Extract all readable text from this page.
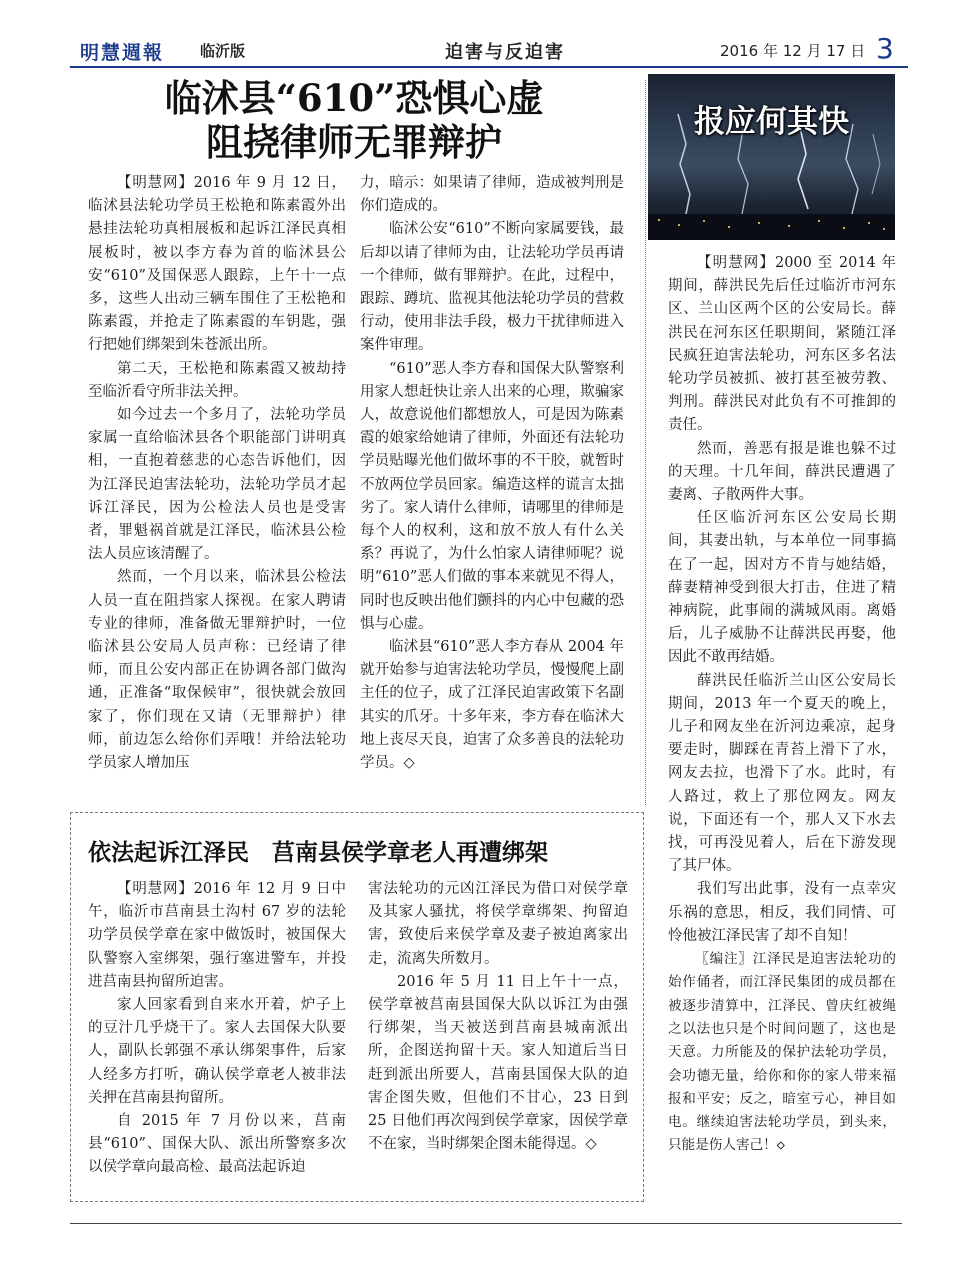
明慧週報 临沂版	迫害与反迫害	2016 年 12 月 17 日 3
临沭县“610”恐惧心虚
阻挠律师无罪辩护

【明慧网】2016 年 9 月 12 日，临沭县法轮功学员王松艳和陈素霞外出悬挂法轮功真相展板和起诉江泽民真相展板时，被以李方春为首的临沭县公安“610”及国保恶人跟踪，上午十一点多，这些人出动三辆车围住了王松艳和陈素霞，并抢走了陈素霞的车钥匙，强行把她们绑架到朱苍派出所。

第二天，王松艳和陈素霞又被劫持至临沂看守所非法关押。

如今过去一个多月了，法轮功学员家属一直给临沭县各个职能部门讲明真相，一直抱着慈悲的心态告诉他们，因为江泽民迫害法轮功，法轮功学员才起诉江泽民，因为公检法人员也是受害者，罪魁祸首就是江泽民，临沭县公检法人员应该清醒了。

然而，一个月以来，临沭县公检法人员一直在阻挡家人探视。在家人聘请专业的律师，准备做无罪辩护时，一位临沭县公安局人员声称：已经请了律师，而且公安内部正在协调各部门做沟通，正准备“取保候审”，很快就会放回家了，你们现在又请（无罪辩护）律师，前边怎么给你们弄哦！并给法轮功学员家人增加压

力，暗示：如果请了律师，造成被判刑是你们造成的。

临沭公安“610”不断向家属要钱，最后却以请了律师为由，让法轮功学员再请一个律师，做有罪辩护。在此，过程中，跟踪、蹲坑、监视其他法轮功学员的营救行动，使用非法手段，极力干扰律师进入案件审理。

“610”恶人李方春和国保大队警察利用家人想赶快让亲人出来的心理，欺骗家人，故意说他们都想放人，可是因为陈素霞的娘家给她请了律师，外面还有法轮功学员贴曝光他们做坏事的不干胶，就暂时不放两位学员回家。编造这样的谎言太拙劣了。家人请什么律师，请哪里的律师是每个人的权利，这和放不放人有什么关系？再说了，为什么怕家人请律师呢？说明“610”恶人们做的事本来就见不得人，同时也反映出他们颤抖的内心中包藏的恐惧与心虚。

临沭县“610”恶人李方春从 2004 年就开始参与迫害法轮功学员，慢慢爬上副主任的位子，成了江泽民迫害政策下名副其实的爪牙。十多年来，李方春在临沭大地上丧尽天良，迫害了众多善良的法轮功学员。◇

依法起诉江泽民　莒南县侯学章老人再遭绑架

【明慧网】2016 年 12 月 9 日中午，临沂市莒南县土沟村 67 岁的法轮功学员侯学章在家中做饭时，被国保大队警察入室绑架，强行塞进警车，并投进莒南县拘留所迫害。

家人回家看到自来水开着，炉子上的豆汁几乎烧干了。家人去国保大队要人，副队长郭强不承认绑架事件，后家人经多方打听，确认侯学章老人被非法关押在莒南县拘留所。

自 2015 年 7 月份以来，莒南县“610”、国保大队、派出所警察多次以侯学章向最高检、最高法起诉迫

害法轮功的元凶江泽民为借口对侯学章及其家人骚扰，将侯学章绑架、拘留迫害，致使后来侯学章及妻子被迫离家出走，流离失所数月。

2016 年 5 月 11 日上午十一点，侯学章被莒南县国保大队以诉江为由强行绑架，当天被送到莒南县城南派出所，企图送拘留十天。家人知道后当日赶到派出所要人，莒南县国保大队的迫害企图失败，但他们不甘心，23 日到 25 日他们再次闯到侯学章家，因侯学章不在家，当时绑架企图未能得逞。◇

报应何其快

【明慧网】2000 至 2014 年期间，薛洪民先后任过临沂市河东区、兰山区两个区的公安局长。薛洪民在河东区任职期间，紧随江泽民疯狂迫害法轮功，河东区多名法轮功学员被抓、被打甚至被劳教、判刑。薛洪民对此负有不可推卸的责任。

然而，善恶有报是谁也躲不过的天理。十几年间，薛洪民遭遇了妻离、子散两件大事。

任区临沂河东区公安局长期间，其妻出轨，与本单位一同事搞在了一起，因对方不肯与她结婚，薛妻精神受到很大打击，住进了精神病院，此事闹的满城风雨。离婚后，儿子威胁不让薛洪民再娶，他因此不敢再结婚。

薛洪民任临沂兰山区公安局长期间，2013 年一个夏天的晚上，儿子和网友坐在沂河边乘凉，起身要走时，脚踩在青苔上滑下了水，网友去拉，也滑下了水。此时，有人路过，救上了那位网友。网友说，下面还有一个，那人又下水去找，可再没见着人，后在下游发现了其尸体。

我们写出此事，没有一点幸灾乐祸的意思，相反，我们同情、可怜他被江泽民害了却不自知！

〖编注〗江泽民是迫害法轮功的始作俑者，而江泽民集团的成员都在被逐步清算中，江泽民、曾庆红被绳之以法也只是个时间问题了，这也是天意。力所能及的保护法轮功学员，会功德无量，给你和你的家人带来福报和平安；反之，暗室亏心，神目如电。继续迫害法轮功学员，到头来，只能是伤人害己！◇
